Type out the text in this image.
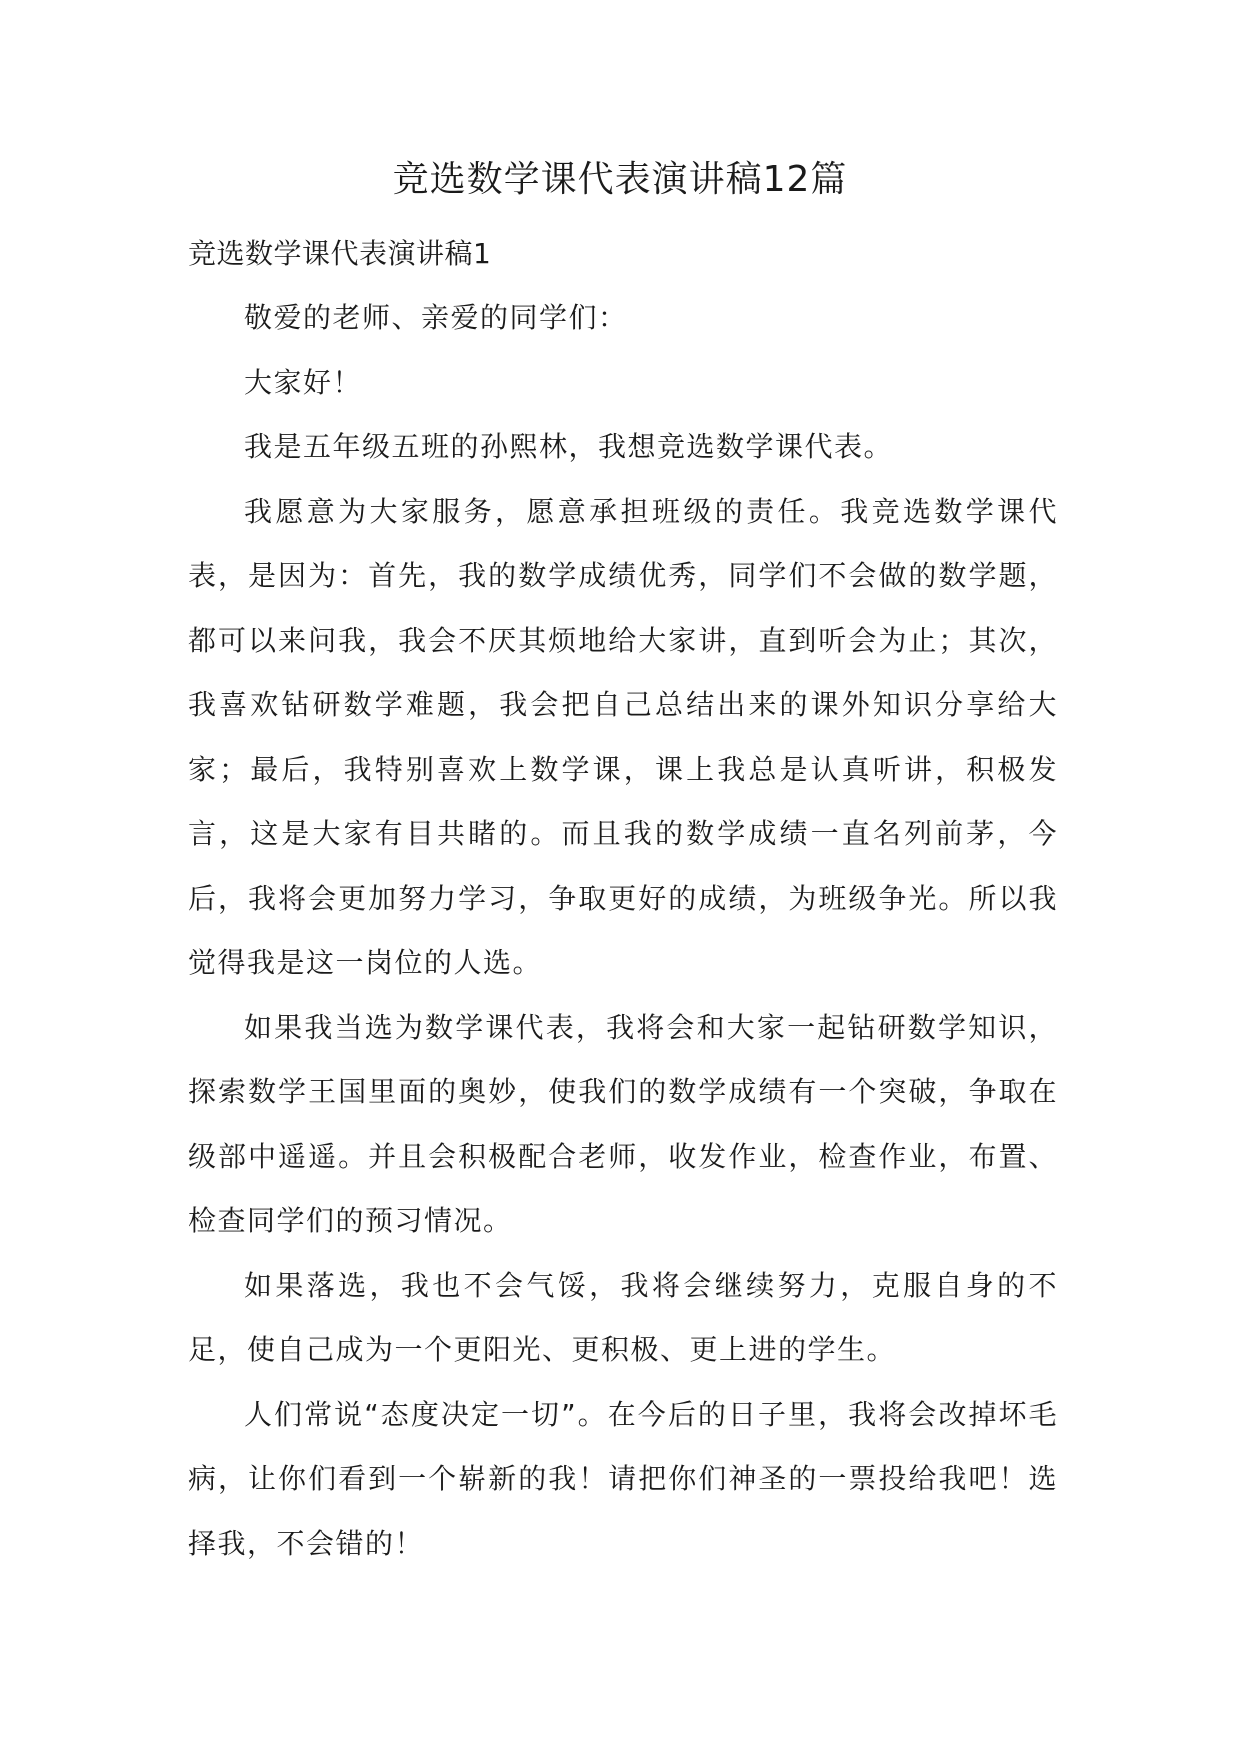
竞选数学课代表演讲稿12篇
竞选数学课代表演讲稿1

敬爱的老师、亲爱的同学们：

大家好！

我是五年级五班的孙熙林，我想竞选数学课代表。

我愿意为大家服务，愿意承担班级的责任。我竞选数学课代表，是因为：首先，我的数学成绩优秀，同学们不会做的数学题，都可以来问我，我会不厌其烦地给大家讲，直到听会为止；其次，我喜欢钻研数学难题，我会把自己总结出来的课外知识分享给大家；最后，我特别喜欢上数学课，课上我总是认真听讲，积极发言，这是大家有目共睹的。而且我的数学成绩一直名列前茅，今后，我将会更加努力学习，争取更好的成绩，为班级争光。所以我觉得我是这一岗位的人选。

如果我当选为数学课代表，我将会和大家一起钻研数学知识，探索数学王国里面的奥妙，使我们的数学成绩有一个突破，争取在级部中遥遥。并且会积极配合老师，收发作业，检查作业，布置、检查同学们的预习情况。

如果落选，我也不会气馁，我将会继续努力，克服自身的不足，使自己成为一个更阳光、更积极、更上进的学生。

人们常说“态度决定一切”。在今后的日子里，我将会改掉坏毛病，让你们看到一个崭新的我！请把你们神圣的一票投给我吧！选择我，不会错的！
